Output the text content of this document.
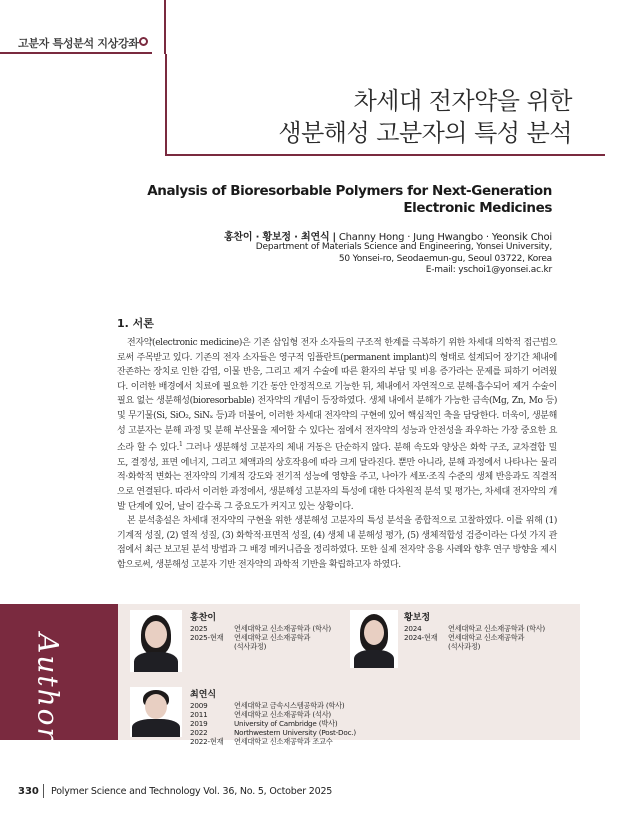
고분자 특성분석 지상강좌
차세대 전자약을 위한
생분해성 고분자의 특성 분석
Analysis of Bioresorbable Polymers for Next-Generation
Electronic Medicines
홍찬이 · 황보정 · 최연식 | Channy Hong · Jung Hwangbo · Yeonsik Choi
Department of Materials Science and Engineering, Yonsei University,
50 Yonsei-ro, Seodaemun-gu, Seoul 03722, Korea
E-mail: yschoi1@yonsei.ac.kr
1. 서론

전자약(electronic medicine)은 기존 삽입형 전자 소자들의 구조적 한계를 극복하기 위한 차세대 의학적 접근법으로써 주목받고 있다. 기존의 전자 소자들은 영구적 임플란트(permanent implant)의 형태로 설계되어 장기간 체내에 잔존하는 장치로 인한 감염, 이물 반응, 그리고 제거 수술에 따른 환자의 부담 및 비용 증가라는 문제를 피하기 어려웠다. 이러한 배경에서 치료에 필요한 기간 동안 안정적으로 기능한 뒤, 체내에서 자연적으로 분해·흡수되어 제거 수술이 필요 없는 생분해성(bioresorbable) 전자약의 개념이 등장하였다. 생체 내에서 분해가 가능한 금속(Mg, Zn, Mo 등) 및 무기물(Si, SiO₂, SiNₓ 등)과 더불어, 이러한 차세대 전자약의 구현에 있어 핵심적인 축을 담당한다. 더욱이, 생분해성 고분자는 분해 과정 및 분해 부산물을 제어할 수 있다는 점에서 전자약의 성능과 안전성을 좌우하는 가장 중요한 요소라 할 수 있다.$^1$ 그러나 생분해성 고분자의 체내 거동은 단순하지 않다. 분해 속도와 양상은 화학 구조, 교차결합 밀도, 결정성, 표면 에너지, 그리고 체액과의 상호작용에 따라 크게 달라진다. 뿐만 아니라, 분해 과정에서 나타나는 물리적·화학적 변화는 전자약의 기계적 강도와 전기적 성능에 영향을 주고, 나아가 세포·조직 수준의 생체 반응과도 직결적으로 연결된다. 따라서 이러한 과정에서, 생분해성 고분자의 특성에 대한 다차원적 분석 및 평가는, 차세대 전자약의 개발 단계에 있어, 날이 갈수록 그 중요도가 커지고 있는 상황이다.

본 분석총설은 차세대 전자약의 구현을 위한 생분해성 고분자의 특성 분석을 종합적으로 고찰하였다. 이를 위해 (1) 기계적 성질, (2) 열적 성질, (3) 화학적·표면적 성질, (4) 생체 내 분해성 평가, (5) 생체적합성 검증이라는 다섯 가지 관점에서 최근 보고된 분석 방법과 그 배경 메커니즘을 정리하였다. 또한 실제 전자약 응용 사례와 향후 연구 방향을 제시함으로써, 생분해성 고분자 기반 전자약의 과학적 기반을 확립하고자 하였다.

Author
홍찬이
2025	연세대학교 신소재공학과 (학사)
2025-현재	연세대학교 신소재공학과
(석사과정)
황보정
2024	연세대학교 신소재공학과 (학사)
2024-현재	연세대학교 신소재공학과
(석사과정)
최연식
2009	연세대학교 금속시스템공학과 (학사)
2011	연세대학교 신소재공학과 (석사)
2019	University of Cambridge (박사)
2022	Northwestern University (Post-Doc.)
2022-현재	연세대학교 신소재공학과 조교수
330 Polymer Science and Technology Vol. 36, No. 5, October 2025
